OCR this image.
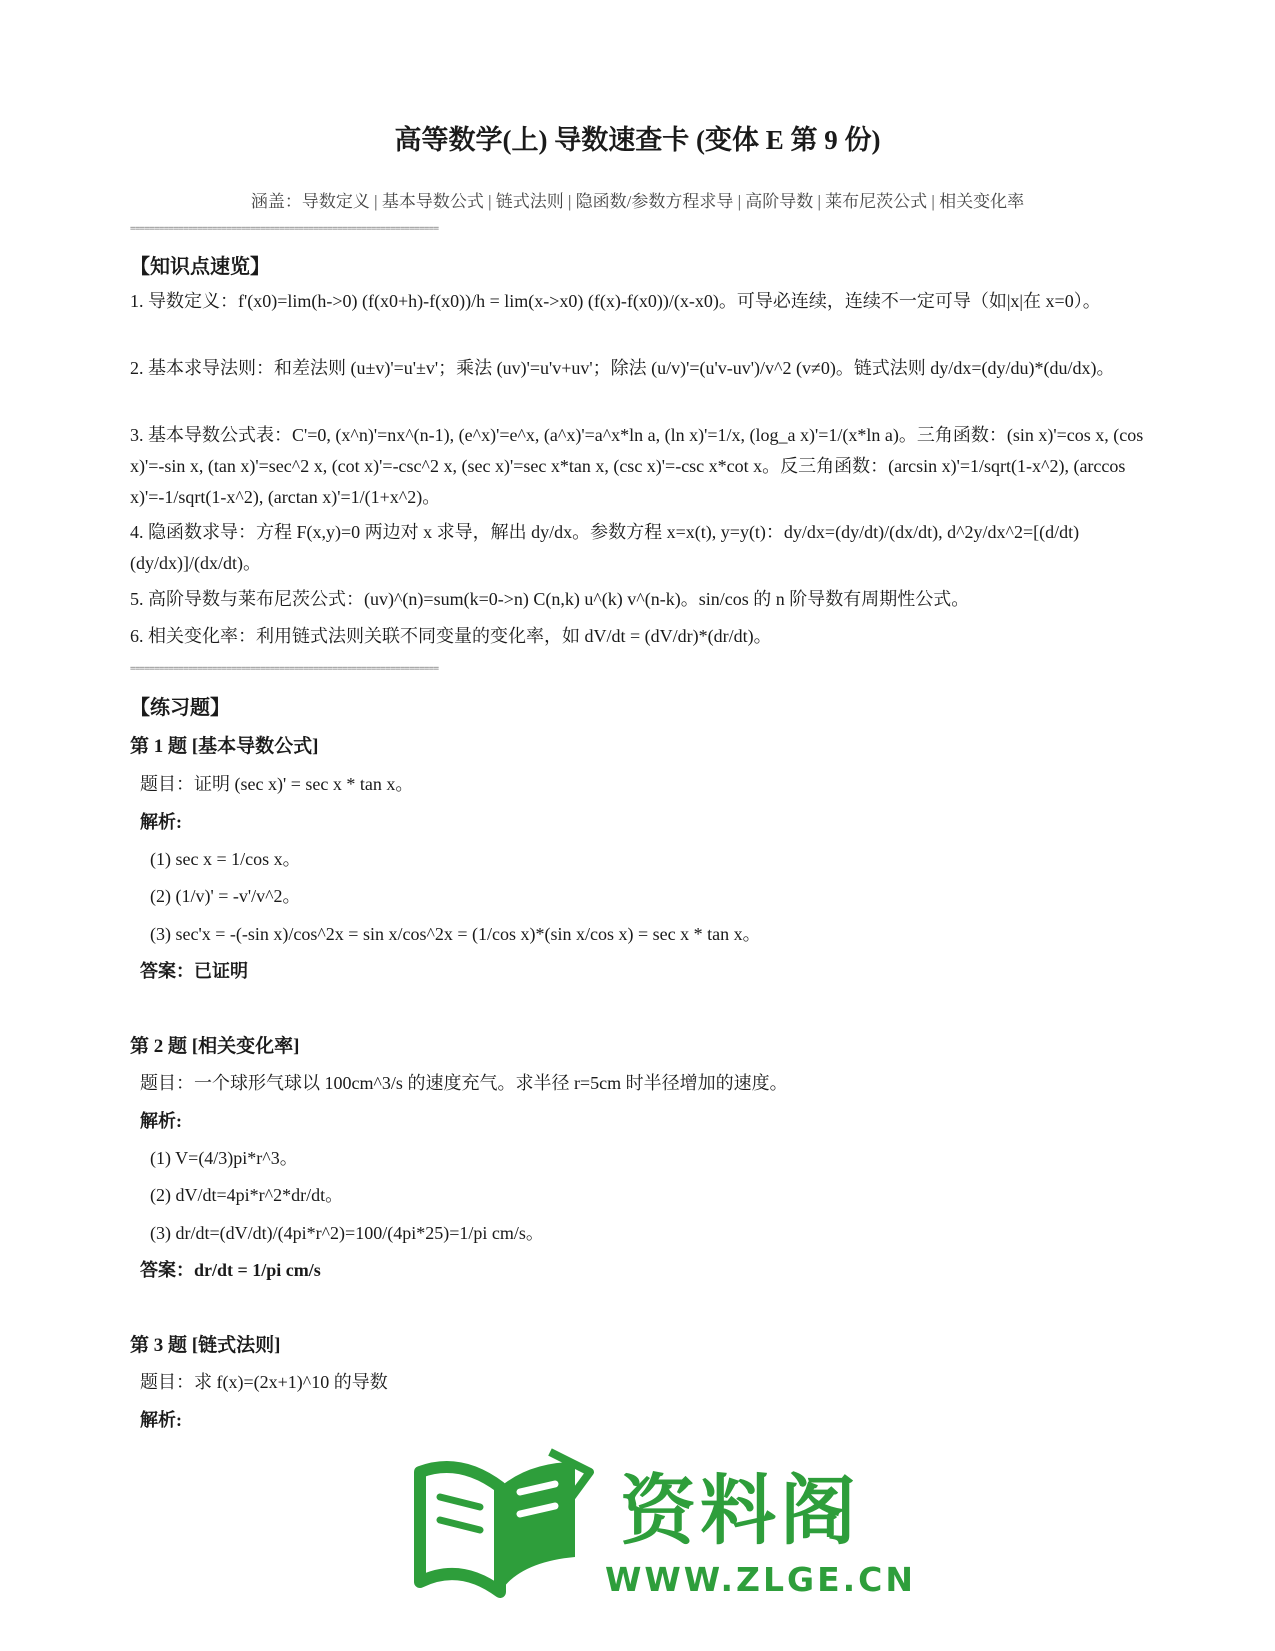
高等数学(上) 导数速查卡 (变体 E 第 9 份)
涵盖：导数定义 | 基本导数公式 | 链式法则 | 隐函数/参数方程求导 | 高阶导数 | 莱布尼茨公式 | 相关变化率
================================================================
【知识点速览】
1. 导数定义：f'(x0)=lim(h->0) (f(x0+h)-f(x0))/h = lim(x->x0) (f(x)-f(x0))/(x-x0)。可导必连续，连续不一定可导（如|x|在 x=0）。
2. 基本求导法则：和差法则 (u±v)'=u'±v'；乘法 (uv)'=u'v+uv'；除法 (u/v)'=(u'v-uv')/v^2 (v≠0)。链式法则 dy/dx=(dy/du)*(du/dx)。
3. 基本导数公式表：C'=0, (x^n)'=nx^(n-1), (e^x)'=e^x, (a^x)'=a^x*ln a, (ln x)'=1/x, (log_a x)'=1/(x*ln a)。三角函数：(sin x)'=cos x, (cos x)'=-sin x, (tan x)'=sec^2 x, (cot x)'=-csc^2 x, (sec x)'=sec x*tan x, (csc x)'=-csc x*cot x。反三角函数：(arcsin x)'=1/sqrt(1-x^2), (arccos x)'=-1/sqrt(1-x^2), (arctan x)'=1/(1+x^2)。
4. 隐函数求导：方程 F(x,y)=0 两边对 x 求导，解出 dy/dx。参数方程 x=x(t), y=y(t)：dy/dx=(dy/dt)/(dx/dt), d^2y/dx^2=[(d/dt)(dy/dx)]/(dx/dt)。
5. 高阶导数与莱布尼茨公式：(uv)^(n)=sum(k=0->n) C(n,k) u^(k) v^(n-k)。sin/cos 的 n 阶导数有周期性公式。
6. 相关变化率：利用链式法则关联不同变量的变化率，如 dV/dt = (dV/dr)*(dr/dt)。
================================================================
【练习题】
第 1 题 [基本导数公式]
题目：证明 (sec x)' = sec x * tan x。
解析:
(1) sec x = 1/cos x。
(2) (1/v)' = -v'/v^2。
(3) sec'x = -(-sin x)/cos^2x = sin x/cos^2x = (1/cos x)*(sin x/cos x) = sec x * tan x。
答案：已证明
第 2 题 [相关变化率]
题目：一个球形气球以 100cm^3/s 的速度充气。求半径 r=5cm 时半径增加的速度。
解析:
(1) V=(4/3)pi*r^3。
(2) dV/dt=4pi*r^2*dr/dt。
(3) dr/dt=(dV/dt)/(4pi*r^2)=100/(4pi*25)=1/pi cm/s。
答案：dr/dt = 1/pi cm/s
第 3 题 [链式法则]
题目：求 f(x)=(2x+1)^10 的导数
解析:
资料阁
WWW.ZLGE.CN
